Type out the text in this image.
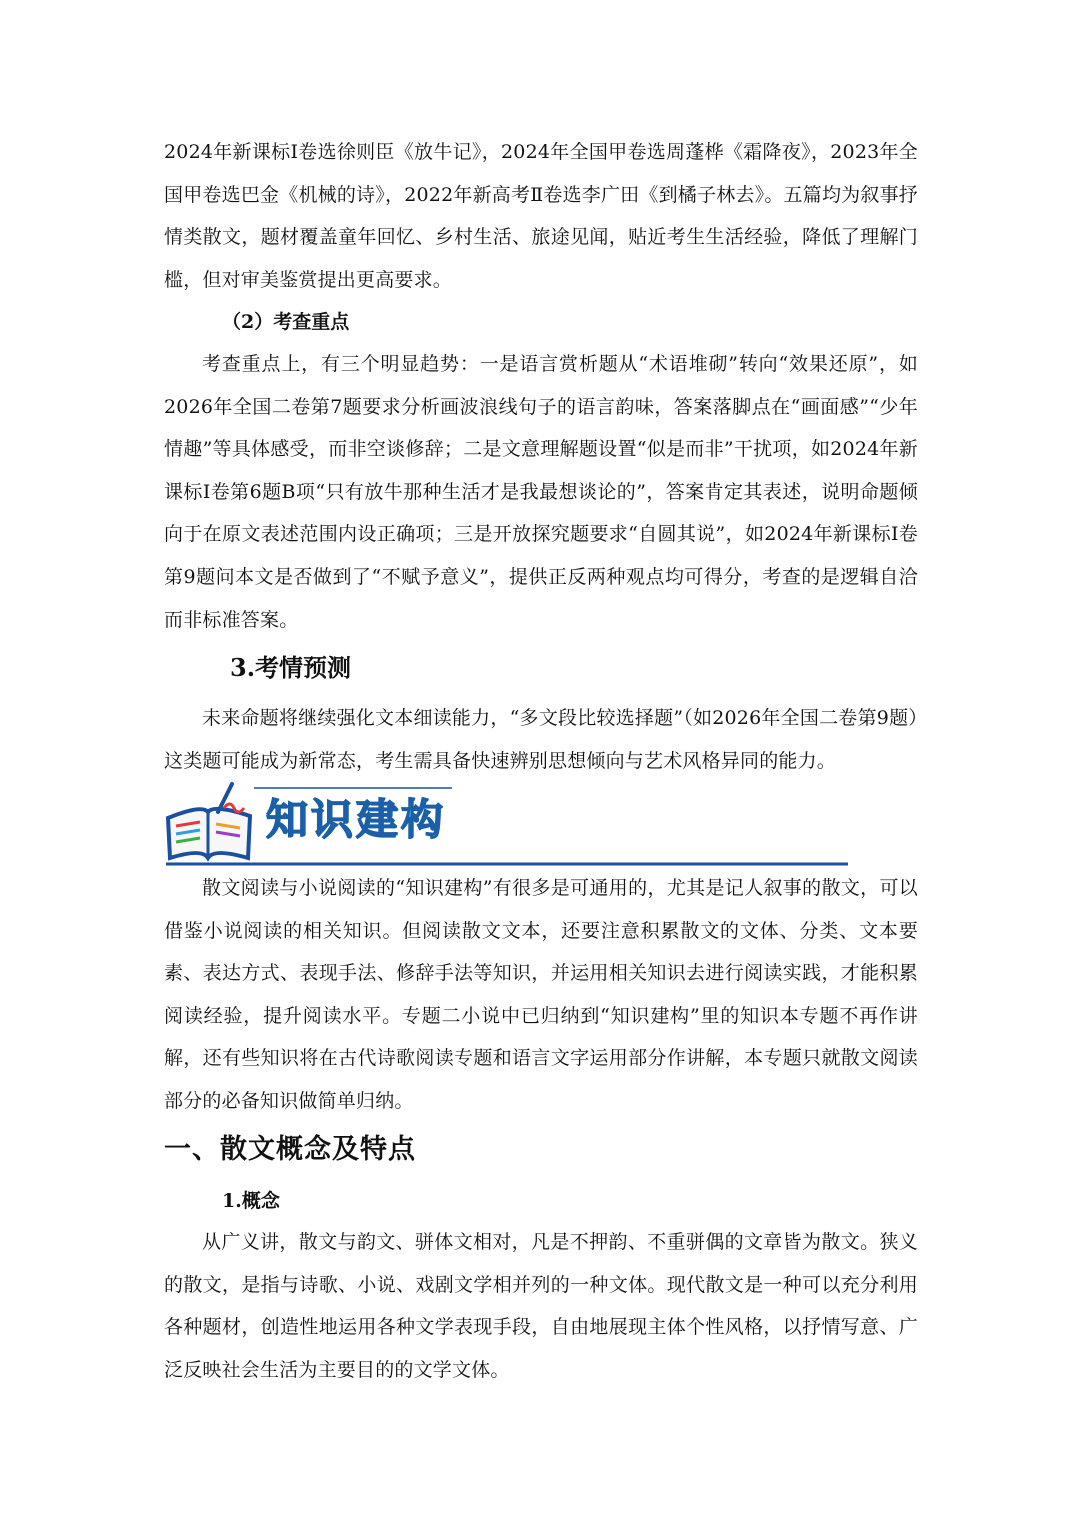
2024年新课标Ⅰ卷选徐则臣《放牛记》，2024年全国甲卷选周蓬桦《霜降夜》，2023年全国甲卷选巴金《机械的诗》，2022年新高考Ⅱ卷选李广田《到橘子林去》。五篇均为叙事抒情类散文，题材覆盖童年回忆、乡村生活、旅途见闻，贴近考生生活经验，降低了理解门槛，但对审美鉴赏提出更高要求。

（2）考查重点

考查重点上，有三个明显趋势：一是语言赏析题从“术语堆砌”转向“效果还原”，如2026年全国二卷第7题要求分析画波浪线句子的语言韵味，答案落脚点在“画面感”“少年情趣”等具体感受，而非空谈修辞；二是文意理解题设置“似是而非”干扰项，如2024年新课标Ⅰ卷第6题B项“只有放牛那种生活才是我最想谈论的”，答案肯定其表述，说明命题倾向于在原文表述范围内设正确项；三是开放探究题要求“自圆其说”，如2024年新课标Ⅰ卷第9题问本文是否做到了“不赋予意义”，提供正反两种观点均可得分，考查的是逻辑自洽而非标准答案。

3.考情预测

未来命题将继续强化文本细读能力，“多文段比较选择题”（如2026年全国二卷第9题）这类题可能成为新常态，考生需具备快速辨别思想倾向与艺术风格异同的能力。

知识建构

散文阅读与小说阅读的“知识建构”有很多是可通用的，尤其是记人叙事的散文，可以借鉴小说阅读的相关知识。但阅读散文文本，还要注意积累散文的文体、分类、文本要素、表达方式、表现手法、修辞手法等知识，并运用相关知识去进行阅读实践，才能积累阅读经验，提升阅读水平。专题二小说中已归纳到“知识建构”里的知识本专题不再作讲解，还有些知识将在古代诗歌阅读专题和语言文字运用部分作讲解，本专题只就散文阅读部分的必备知识做简单归纳。

一、散文概念及特点

1.概念

从广义讲，散文与韵文、骈体文相对，凡是不押韵、不重骈偶的文章皆为散文。狭义的散文，是指与诗歌、小说、戏剧文学相并列的一种文体。现代散文是一种可以充分利用各种题材，创造性地运用各种文学表现手段，自由地展现主体个性风格，以抒情写意、广泛反映社会生活为主要目的的文学文体。
